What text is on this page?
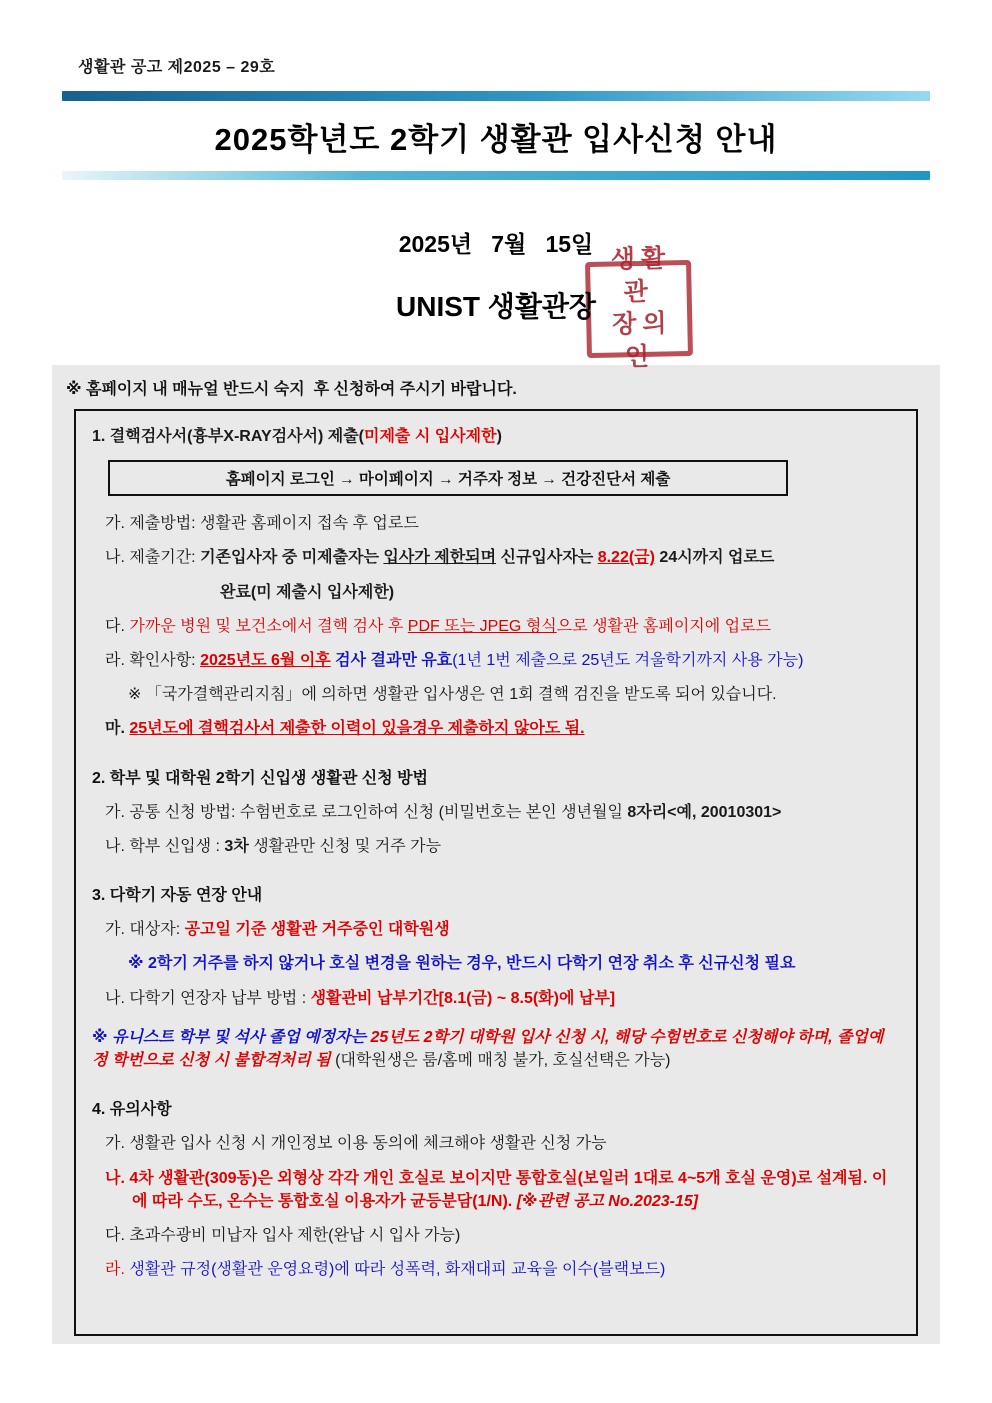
생활관 공고 제2025 – 29호
2025학년도 2학기 생활관 입사신청 안내
2025년   7월   15일
UNIST 생활관장
생활관
장의인
※ 홈페이지 내 매뉴얼 반드시 숙지  후 신청하여 주시기 바랍니다.
1. 결핵검사서(흉부X-RAY검사서) 제출(미제출 시 입사제한)
홈페이지 로그인 → 마이페이지 → 거주자 정보 → 건강진단서 제출
가. 제출방법: 생활관 홈페이지 접속 후 업로드
나. 제출기간: 기존입사자 중 미제출자는 입사가 제한되며 신규입사자는 8.22(금) 24시까지 업로드
완료(미 제출시 입사제한)
다. 가까운 병원 및 보건소에서 결핵 검사 후 PDF 또는 JPEG 형식으로 생활관 홈페이지에 업로드
라. 확인사항: 2025년도 6월 이후 검사 결과만 유효(1년 1번 제출으로 25년도 겨울학기까지 사용 가능)
※ 「국가결핵관리지침」에 의하면 생활관 입사생은 연 1회 결핵 검진을 받도록 되어 있습니다.
마. 25년도에 결핵검사서 제출한 이력이 있을경우 제출하지 않아도 됨.
2. 학부 및 대학원 2학기 신입생 생활관 신청 방법
가. 공통 신청 방법: 수험번호로 로그인하여 신청 (비밀번호는 본인 생년월일 8자리<예, 20010301>
나. 학부 신입생 : 3차 생활관만 신청 및 거주 가능
3. 다학기 자동 연장 안내
가. 대상자: 공고일 기준 생활관 거주중인 대학원생
※ 2학기 거주를 하지 않거나 호실 변경을 원하는 경우, 반드시 다학기 연장 취소 후 신규신청 필요
나. 다학기 연장자 납부 방법 : 생활관비 납부기간[8.1(금) ~ 8.5(화)에 납부]
※ 유니스트 학부 및 석사 졸업 예정자는 25년도 2학기 대학원 입사 신청 시, 해당 수험번호로 신청해야 하며, 졸업예정 학번으로 신청 시 불합격처리 됨 (대학원생은 룸/홈메 매칭 불가, 호실선택은 가능)
4. 유의사항
가. 생활관 입사 신청 시 개인정보 이용 동의에 체크해야 생활관 신청 가능
나. 4차 생활관(309동)은 외형상 각각 개인 호실로 보이지만 통합호실(보일러 1대로 4~5개 호실 운영)로 설계됨. 이에 따라 수도, 온수는 통합호실 이용자가 균등분담(1/N). [※관련 공고 No.2023-15]
다. 초과수광비 미납자 입사 제한(완납 시 입사 가능)
라. 생활관 규정(생활관 운영요령)에 따라 성폭력, 화재대피 교육을 이수(블랙보드)
